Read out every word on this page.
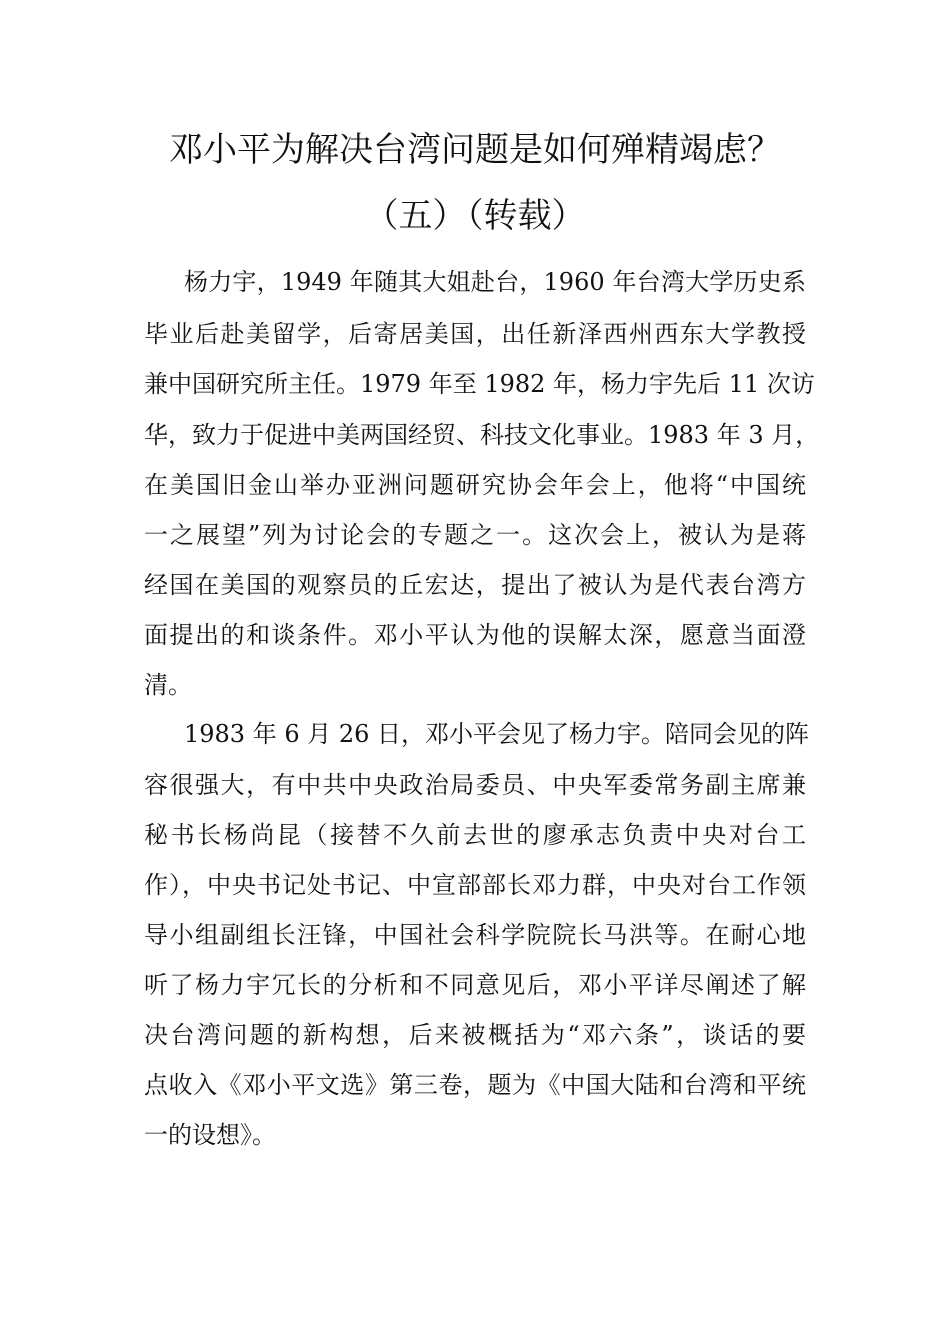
邓小平为解决台湾问题是如何殚精竭虑？
（五）（转载）
杨力宇，1949 年随其大姐赴台，1960 年台湾大学历史系
毕业后赴美留学，后寄居美国，出任新泽西州西东大学教授
兼中国研究所主任。1979 年至 1982 年，杨力宇先后 11 次访
华，致力于促进中美两国经贸、科技文化事业。1983 年 3 月，
在美国旧金山举办亚洲问题研究协会年会上，他将“中国统
一之展望”列为讨论会的专题之一。这次会上，被认为是蒋
经国在美国的观察员的丘宏达，提出了被认为是代表台湾方
面提出的和谈条件。邓小平认为他的误解太深，愿意当面澄
清。
1983 年 6 月 26 日，邓小平会见了杨力宇。陪同会见的阵
容很强大，有中共中央政治局委员、中央军委常务副主席兼
秘书长杨尚昆（接替不久前去世的廖承志负责中央对台工
作），中央书记处书记、中宣部部长邓力群，中央对台工作领
导小组副组长汪锋，中国社会科学院院长马洪等。在耐心地
听了杨力宇冗长的分析和不同意见后，邓小平详尽阐述了解
决台湾问题的新构想，后来被概括为“邓六条”，谈话的要
点收入《邓小平文选》第三卷，题为《中国大陆和台湾和平统
一的设想》。
